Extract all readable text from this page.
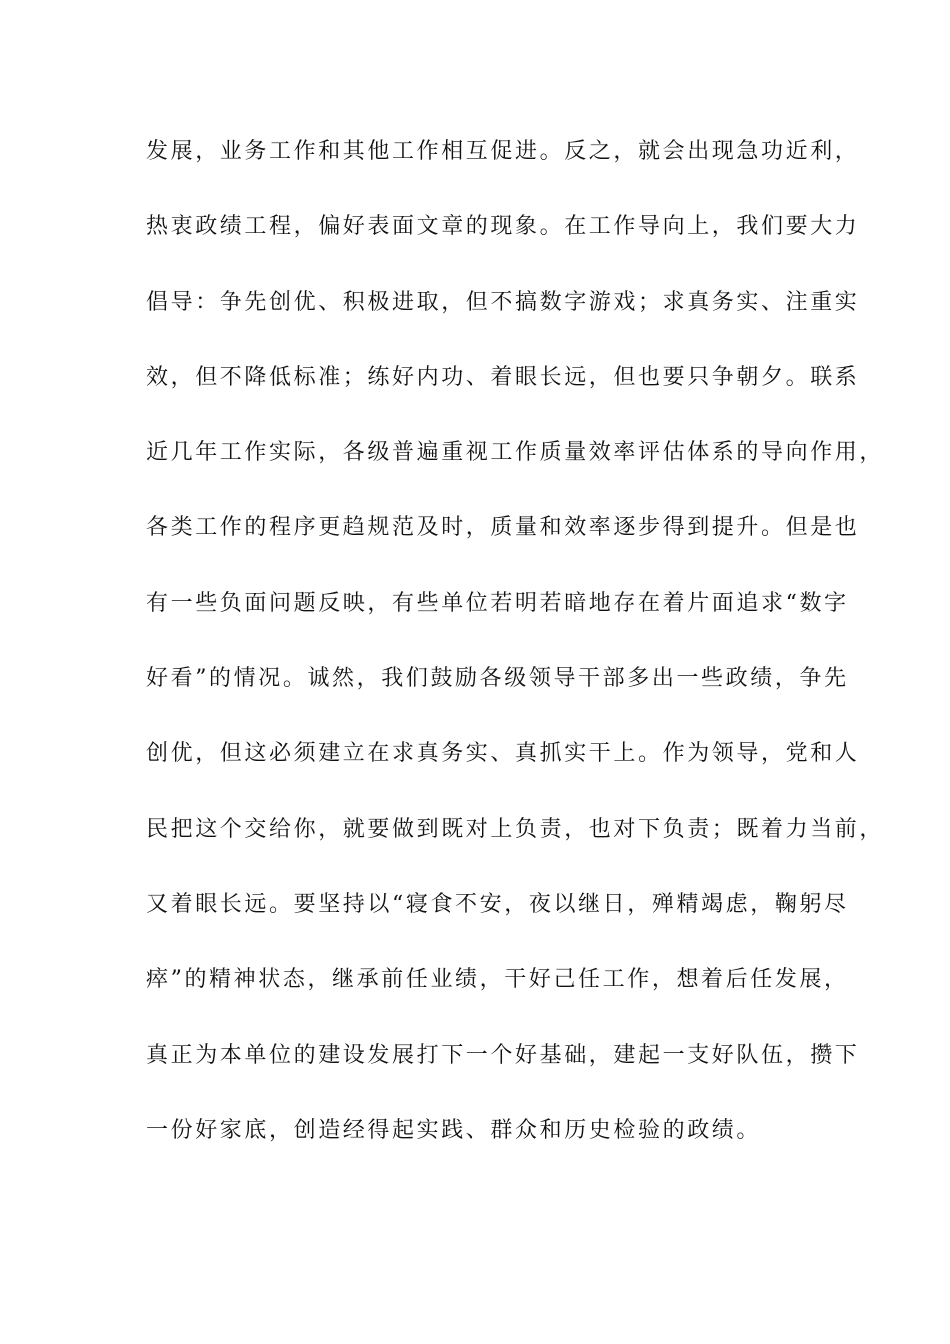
发展，业务工作和其他工作相互促进。反之，就会出现急功近利，
热衷政绩工程，偏好表面文章的现象。在工作导向上，我们要大力
倡导：争先创优、积极进取，但不搞数字游戏；求真务实、注重实
效，但不降低标准；练好内功、着眼长远，但也要只争朝夕。联系
近几年工作实际，各级普遍重视工作质量效率评估体系的导向作用，
各类工作的程序更趋规范及时，质量和效率逐步得到提升。但是也
有一些负面问题反映，有些单位若明若暗地存在着片面追求“数字
好看”的情况。诚然，我们鼓励各级领导干部多出一些政绩，争先
创优，但这必须建立在求真务实、真抓实干上。作为领导，党和人
民把这个交给你，就要做到既对上负责，也对下负责；既着力当前，
又着眼长远。要坚持以“寝食不安，夜以继日，殚精竭虑，鞠躬尽
瘁”的精神状态，继承前任业绩，干好己任工作，想着后任发展，
真正为本单位的建设发展打下一个好基础，建起一支好队伍，攒下
一份好家底，创造经得起实践、群众和历史检验的政绩。
